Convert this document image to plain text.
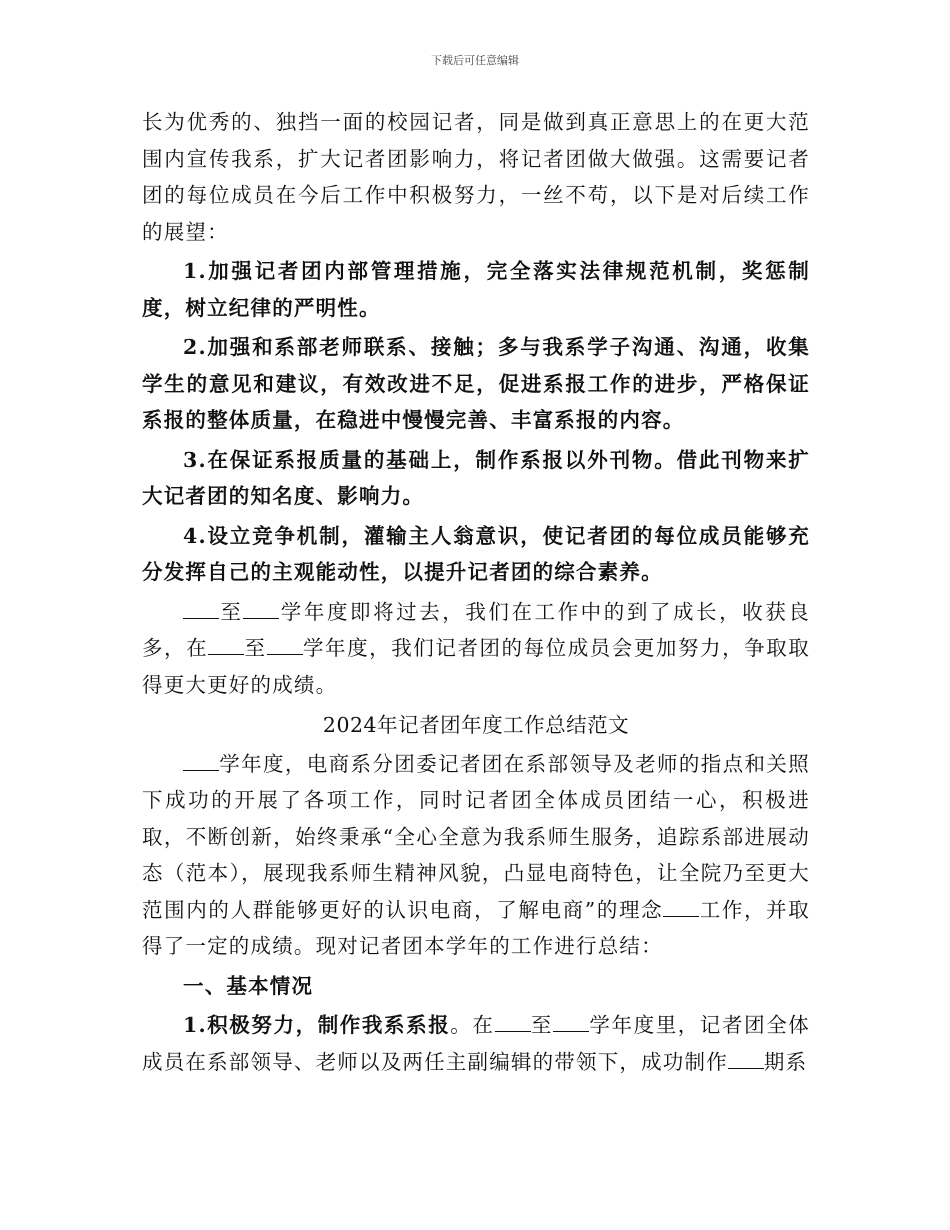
下载后可任意编辑

长为优秀的、独挡一面的校园记者，同是做到真正意思上的在更大范围内宣传我系，扩大记者团影响力，将记者团做大做强。这需要记者团的每位成员在今后工作中积极努力，一丝不苟，以下是对后续工作的展望：

1.加强记者团内部管理措施，完全落实法律规范机制，奖惩制度，树立纪律的严明性。

2.加强和系部老师联系、接触；多与我系学子沟通、沟通，收集学生的意见和建议，有效改进不足，促进系报工作的进步，严格保证系报的整体质量，在稳进中慢慢完善、丰富系报的内容。

3.在保证系报质量的基础上，制作系报以外刊物。借此刊物来扩大记者团的知名度、影响力。

4.设立竞争机制，灌输主人翁意识，使记者团的每位成员能够充分发挥自己的主观能动性，以提升记者团的综合素养。

至 学年度即将过去，我们在工作中的到了成长，收获良多，在 至 学年度，我们记者团的每位成员会更加努力，争取取得更大更好的成绩。

2024年记者团年度工作总结范文

学年度，电商系分团委记者团在系部领导及老师的指点和关照下成功的开展了各项工作，同时记者团全体成员团结一心，积极进取，不断创新，始终秉承“全心全意为我系师生服务，追踪系部进展动态（范本），展现我系师生精神风貌，凸显电商特色，让全院乃至更大范围内的人群能够更好的认识电商，了解电商”的理念 工作，并取得了一定的成绩。现对记者团本学年的工作进行总结：

一、基本情况

1.积极努力，制作我系系报。在 至 学年度里，记者团全体成员在系部领导、老师以及两任主副编辑的带领下，成功制作 期系
